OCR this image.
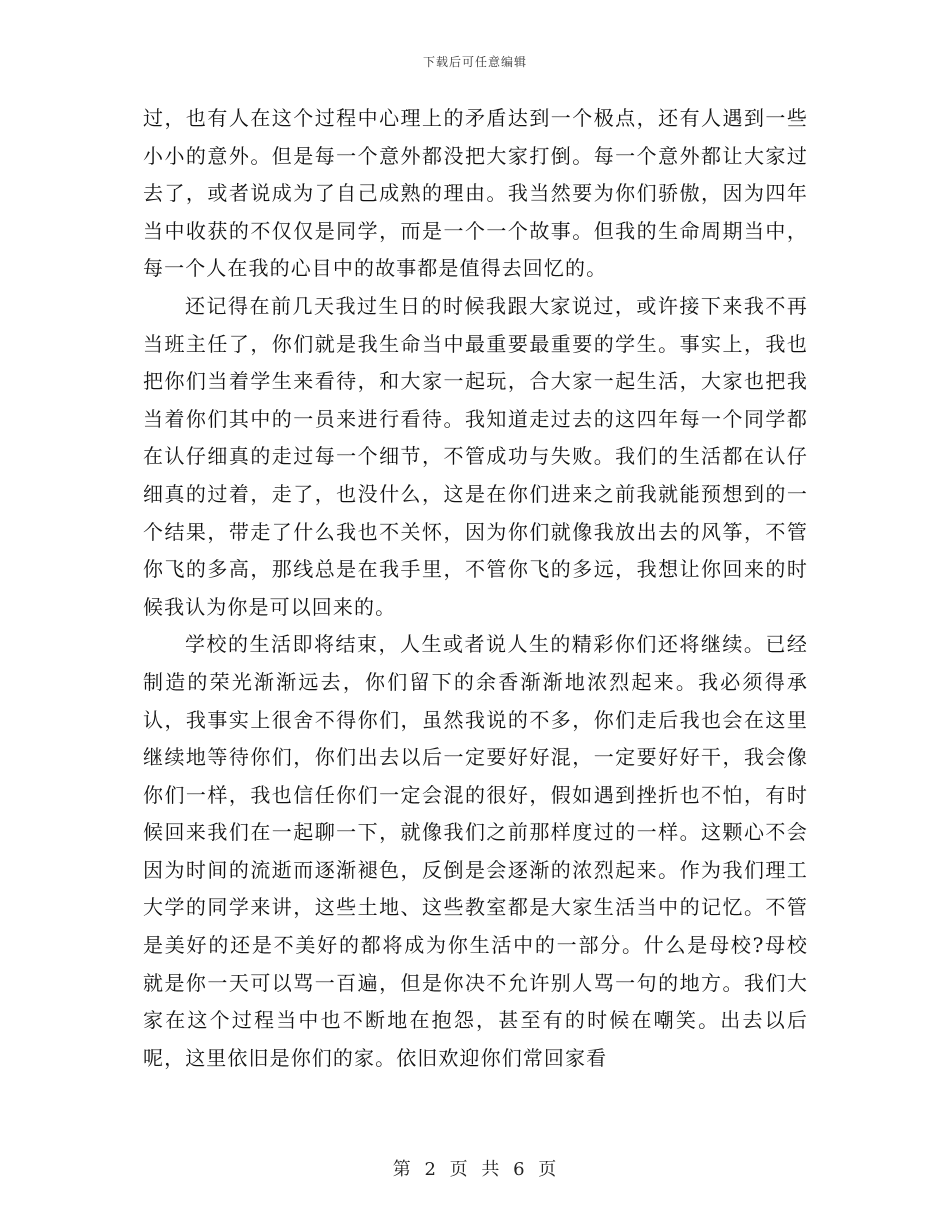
下载后可任意编辑

过，也有人在这个过程中心理上的矛盾达到一个极点，还有人遇到一些小小的意外。但是每一个意外都没把大家打倒。每一个意外都让大家过去了，或者说成为了自己成熟的理由。我当然要为你们骄傲，因为四年当中收获的不仅仅是同学，而是一个一个故事。但我的生命周期当中，每一个人在我的心目中的故事都是值得去回忆的。

还记得在前几天我过生日的时候我跟大家说过，或许接下来我不再当班主任了，你们就是我生命当中最重要最重要的学生。事实上，我也把你们当着学生来看待，和大家一起玩，合大家一起生活，大家也把我当着你们其中的一员来进行看待。我知道走过去的这四年每一个同学都在认仔细真的走过每一个细节，不管成功与失败。我们的生活都在认仔细真的过着，走了，也没什么，这是在你们进来之前我就能预想到的一个结果，带走了什么我也不关怀，因为你们就像我放出去的风筝，不管你飞的多高，那线总是在我手里，不管你飞的多远，我想让你回来的时候我认为你是可以回来的。

学校的生活即将结束，人生或者说人生的精彩你们还将继续。已经制造的荣光渐渐远去，你们留下的余香渐渐地浓烈起来。我必须得承认，我事实上很舍不得你们，虽然我说的不多，你们走后我也会在这里继续地等待你们，你们出去以后一定要好好混，一定要好好干，我会像你们一样，我也信任你们一定会混的很好，假如遇到挫折也不怕，有时候回来我们在一起聊一下，就像我们之前那样度过的一样。这颗心不会因为时间的流逝而逐渐褪色，反倒是会逐渐的浓烈起来。作为我们理工大学的同学来讲，这些土地、这些教室都是大家生活当中的记忆。不管是美好的还是不美好的都将成为你生活中的一部分。什么是母校?母校就是你一天可以骂一百遍，但是你决不允许别人骂一句的地方。我们大家在这个过程当中也不断地在抱怨，甚至有的时候在嘲笑。出去以后呢，这里依旧是你们的家。依旧欢迎你们常回家看

第 2 页 共 6 页
